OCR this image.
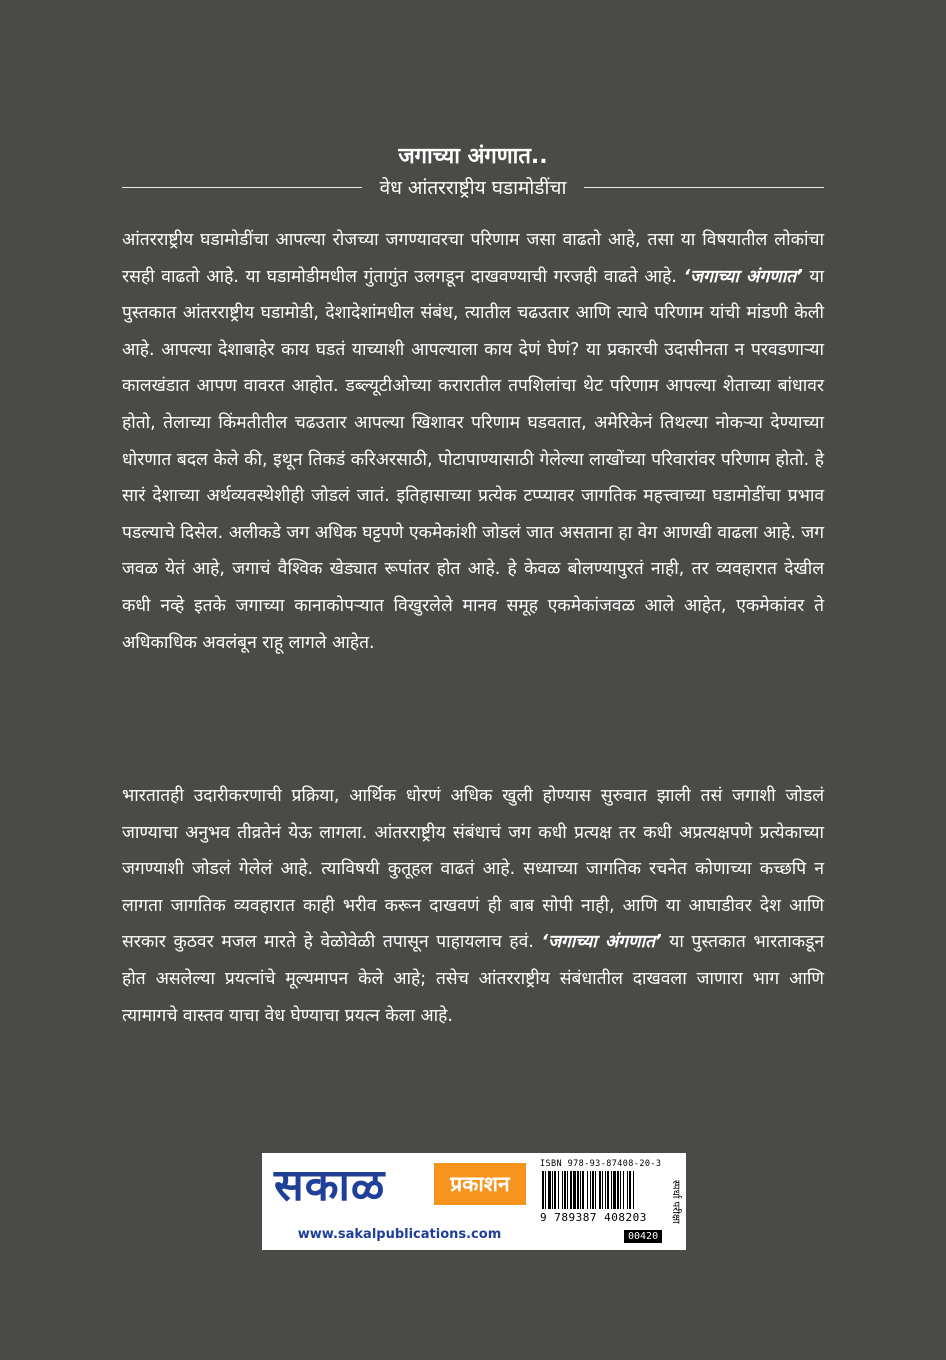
जगाच्या अंगणात..
वेध आंतरराष्ट्रीय घडामोडींचा

आंतरराष्ट्रीय घडामोडींचा आपल्या रोजच्या जगण्यावरचा परिणाम जसा वाढतो आहे, तसा या विषयातील लोकांचा रसही वाढतो आहे. या घडामोडीमधील गुंतागुंत उलगडून दाखवण्याची गरजही वाढते आहे. ‘जगाच्या अंगणात’ या पुस्तकात आंतरराष्ट्रीय घडामोडी, देशादेशांमधील संबंध, त्यातील चढउतार आणि त्याचे परिणाम यांची मांडणी केली आहे. आपल्या देशाबाहेर काय घडतं याच्याशी आपल्याला काय देणं घेणं? या प्रकारची उदासीनता न परवडणाऱ्या कालखंडात आपण वावरत आहोत. डब्ल्यूटीओच्या करारातील तपशिलांचा थेट परिणाम आपल्या शेताच्या बांधावर होतो, तेलाच्या किंमतीतील चढउतार आपल्या खिशावर परिणाम घडवतात, अमेरिकेनं तिथल्या नोकऱ्या देण्याच्या धोरणात बदल केले की, इथून तिकडं करिअरसाठी, पोटापाण्यासाठी गेलेल्या लाखोंच्या परिवारांवर परिणाम होतो. हे सारं देशाच्या अर्थव्यवस्थेशीही जोडलं जातं. इतिहासाच्या प्रत्येक टप्प्यावर जागतिक महत्त्वाच्या घडामोडींचा प्रभाव पडल्याचे दिसेल. अलीकडे जग अधिक घट्टपणे एकमेकांशी जोडलं जात असताना हा वेग आणखी वाढला आहे. जग जवळ येतं आहे, जगाचं वैश्विक खेड्यात रूपांतर होत आहे. हे केवळ बोलण्यापुरतं नाही, तर व्यवहारात देखील कधी नव्हे इतके जगाच्या कानाकोपऱ्यात विखुरलेले मानव समूह एकमेकांजवळ आले आहेत, एकमेकांवर ते अधिकाधिक अवलंबून राहू लागले आहेत.

भारतातही उदारीकरणाची प्रक्रिया, आर्थिक धोरणं अधिक खुली होण्यास सुरुवात झाली तसं जगाशी जोडलं जाण्याचा अनुभव तीव्रतेनं येऊ लागला. आंतरराष्ट्रीय संबंधाचं जग कधी प्रत्यक्ष तर कधी अप्रत्यक्षपणे प्रत्येकाच्या जगण्याशी जोडलं गेलेलं आहे. त्याविषयी कुतूहल वाढतं आहे. सध्याच्या जागतिक रचनेत कोणाच्या कच्छपि न लागता जागतिक व्यवहारात काही भरीव करून दाखवणं ही बाब सोपी नाही, आणि या आघाडीवर देश आणि सरकार कुठवर मजल मारते हे वेळोवेळी तपासून पाहायलाच हवं. ‘जगाच्या अंगणात’ या पुस्तकात भारताकडून होत असलेल्या प्रयत्नांचे मूल्यमापन केले आहे; तसेच आंतरराष्ट्रीय संबंधातील दाखवला जाणारा भाग आणि त्यामागचे वास्तव याचा वेध घेण्याचा प्रयत्न केला आहे.

सकाळ	प्रकाशन
www.sakalpublications.com
ISBN 978-93-87408-20-3
9 789387 408203
00420
स्पर्धा परीक्षा
